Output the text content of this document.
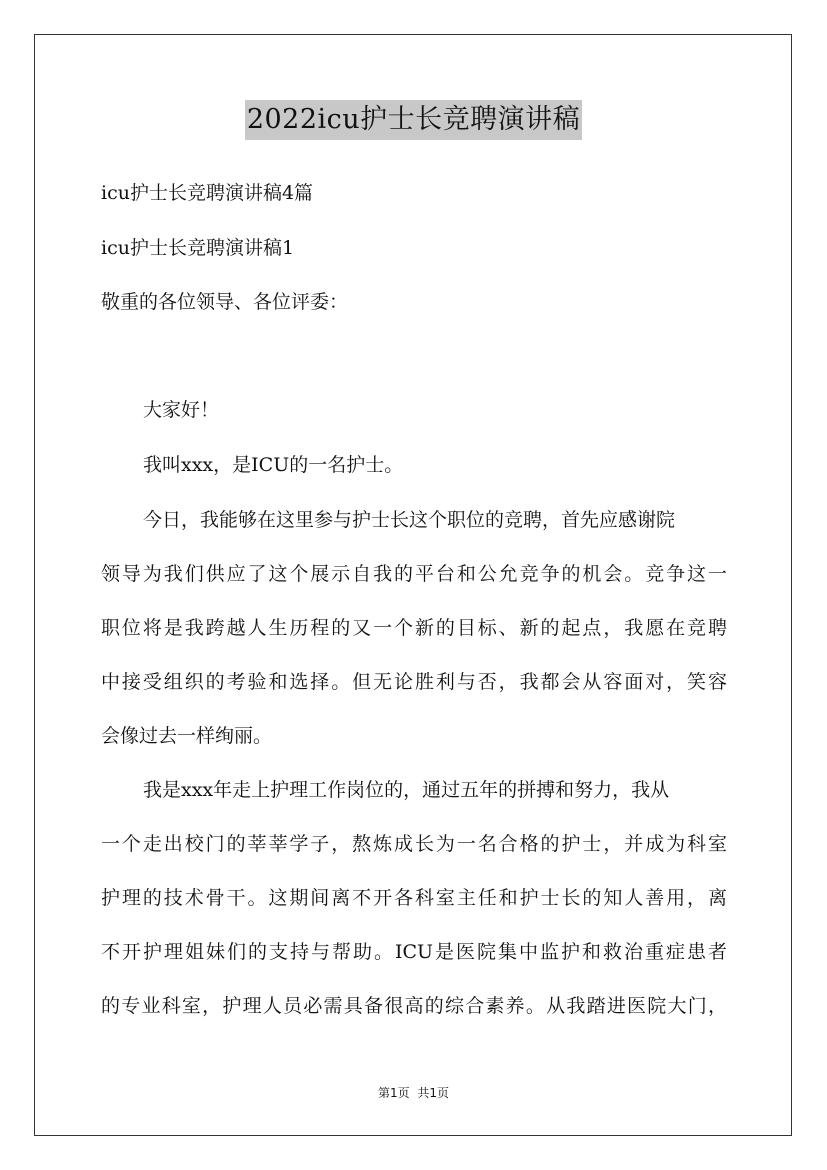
2022icu护士长竞聘演讲稿
icu护士长竞聘演讲稿4篇
icu护士长竞聘演讲稿1
敬重的各位领导、各位评委：
大家好！
我叫xxx，是ICU的一名护士。
今日，我能够在这里参与护士长这个职位的竞聘，首先应感谢院
领导为我们供应了这个展示自我的平台和公允竞争的机会。竞争这一
职位将是我跨越人生历程的又一个新的目标、新的起点，我愿在竞聘
中接受组织的考验和选择。但无论胜利与否，我都会从容面对，笑容
会像过去一样绚丽。
我是xxx年走上护理工作岗位的，通过五年的拼搏和努力，我从
一个走出校门的莘莘学子，熬炼成长为一名合格的护士，并成为科室
护理的技术骨干。这期间离不开各科室主任和护士长的知人善用，离
不开护理姐妹们的支持与帮助。ICU是医院集中监护和救治重症患者
的专业科室，护理人员必需具备很高的综合素养。从我踏进医院大门，
第1页 共1页
